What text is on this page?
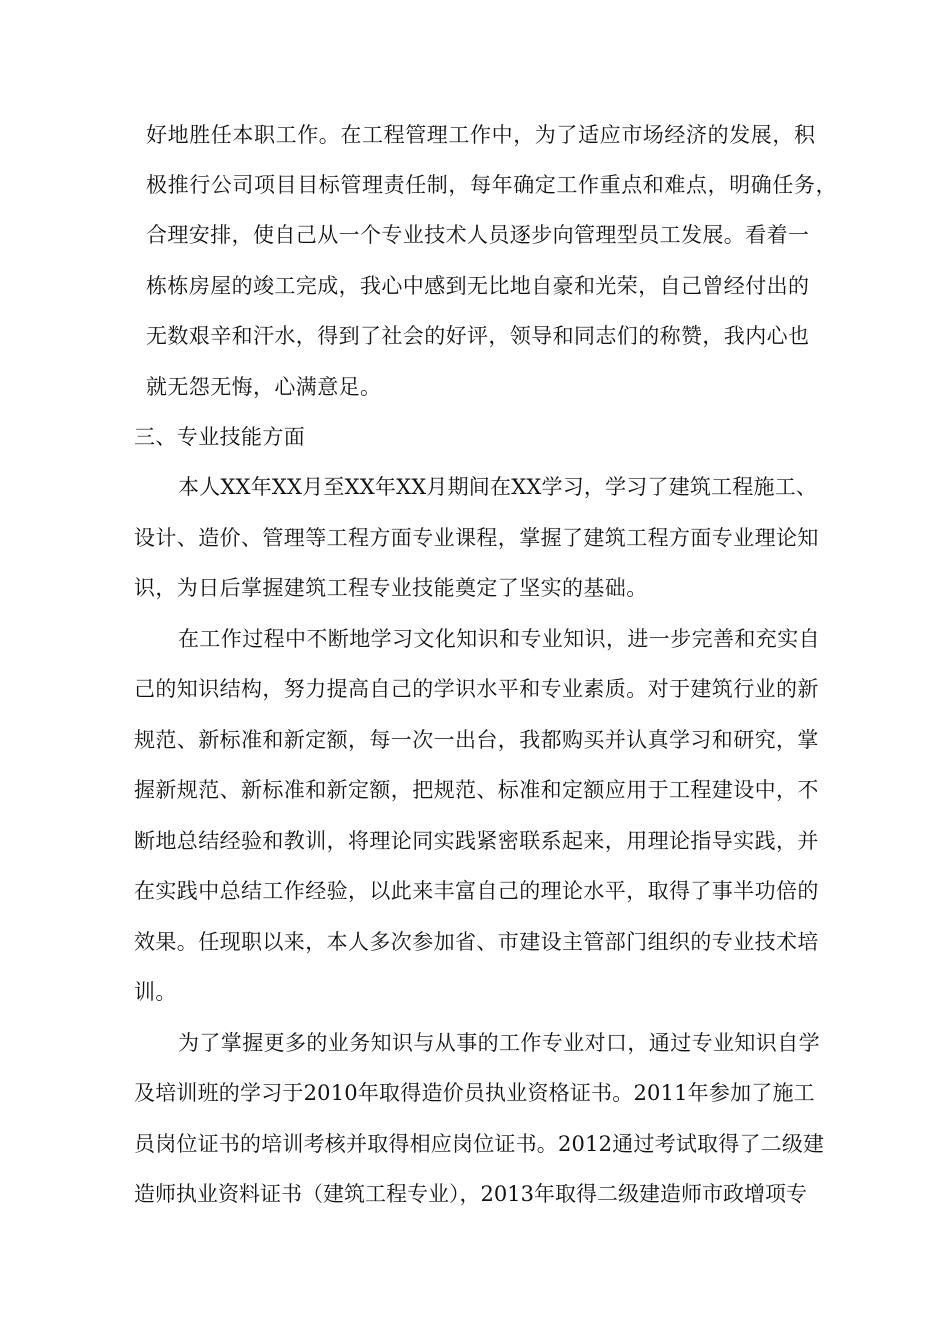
好地胜任本职工作。在工程管理工作中，为了适应市场经济的发展，积
极推行公司项目目标管理责任制，每年确定工作重点和难点，明确任务，
合理安排，使自己从一个专业技术人员逐步向管理型员工发展。看着一
栋栋房屋的竣工完成，我心中感到无比地自豪和光荣，自己曾经付出的
无数艰辛和汗水，得到了社会的好评，领导和同志们的称赞，我内心也
就无怨无悔，心满意足。
三、专业技能方面
本人XX年XX月至XX年XX月期间在XX学习，学习了建筑工程施工、
设计、造价、管理等工程方面专业课程，掌握了建筑工程方面专业理论知
识，为日后掌握建筑工程专业技能奠定了坚实的基础。
在工作过程中不断地学习文化知识和专业知识，进一步完善和充实自
己的知识结构，努力提高自己的学识水平和专业素质。对于建筑行业的新
规范、新标准和新定额，每一次一出台，我都购买并认真学习和研究，掌
握新规范、新标准和新定额，把规范、标准和定额应用于工程建设中，不
断地总结经验和教训，将理论同实践紧密联系起来，用理论指导实践，并
在实践中总结工作经验，以此来丰富自己的理论水平，取得了事半功倍的
效果。任现职以来，本人多次参加省、市建设主管部门组织的专业技术培
训。
为了掌握更多的业务知识与从事的工作专业对口，通过专业知识自学
及培训班的学习于2010年取得造价员执业资格证书。2011年参加了施工
员岗位证书的培训考核并取得相应岗位证书。2012通过考试取得了二级建
造师执业资料证书（建筑工程专业），2013年取得二级建造师市政增项专
